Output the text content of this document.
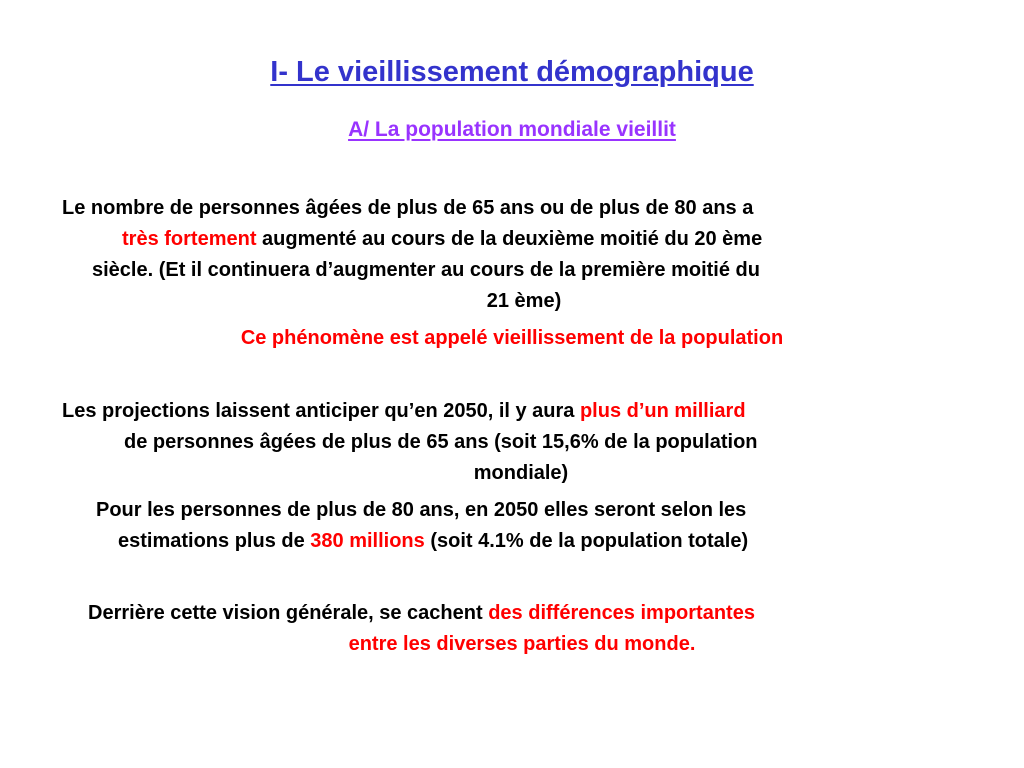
I- Le vieillissement démographique
A/ La population mondiale vieillit
Le nombre de personnes âgées de plus de 65 ans ou de plus de 80 ans a
très fortement augmenté au cours de la deuxième moitié du 20 ème
siècle. (Et il continuera d’augmenter au cours de la première moitié du
21 ème)
Ce phénomène est appelé vieillissement de la population
Les projections laissent anticiper qu’en 2050, il y aura plus d’un milliard
de personnes âgées de plus de 65 ans (soit 15,6% de la population
mondiale)
Pour les personnes de plus de 80 ans, en 2050 elles seront selon les
estimations plus de 380 millions (soit 4.1% de la population totale)
Derrière cette vision générale, se cachent des différences importantes
entre les diverses parties du monde.
